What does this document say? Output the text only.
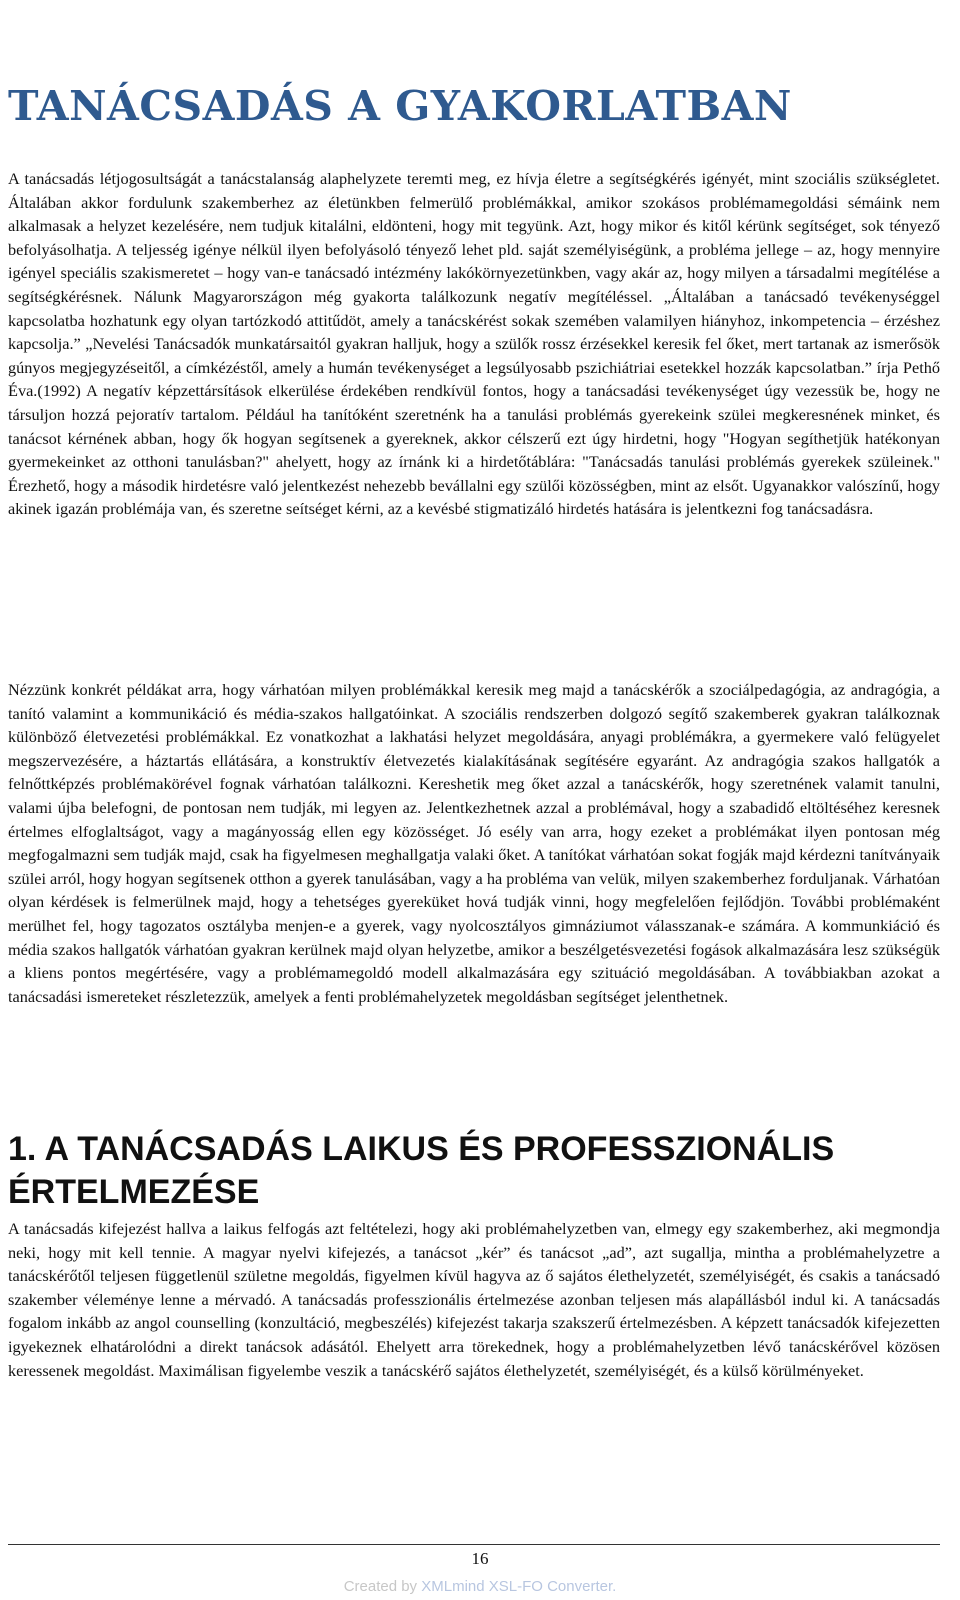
TANÁCSADÁS A GYAKORLATBAN

A tanácsadás létjogosultságát a tanácstalanság alaphelyzete teremti meg, ez hívja életre a segítségkérés igényét, mint szociális szükségletet. Általában akkor fordulunk szakemberhez az életünkben felmerülő problémákkal, amikor szokásos problémamegoldási sémáink nem alkalmasak a helyzet kezelésére, nem tudjuk kitalálni, eldönteni, hogy mit tegyünk. Azt, hogy mikor és kitől kérünk segítséget, sok tényező befolyásolhatja. A teljesség igénye nélkül ilyen befolyásoló tényező lehet pld. saját személyiségünk, a probléma jellege – az, hogy mennyire igényel speciális szakismeretet – hogy van-e tanácsadó intézmény lakókörnyezetünkben, vagy akár az, hogy milyen a társadalmi megítélése a segítségkérésnek. Nálunk Magyarországon még gyakorta találkozunk negatív megítéléssel. „Általában a tanácsadó tevékenységgel kapcsolatba hozhatunk egy olyan tartózkodó attitűdöt, amely a tanácskérést sokak szemében valamilyen hiányhoz, inkompetencia – érzéshez kapcsolja.” „Nevelési Tanácsadók munkatársaitól gyakran halljuk, hogy a szülők rossz érzésekkel keresik fel őket, mert tartanak az ismerősök gúnyos megjegyzéseitől, a címkézéstől, amely a humán tevékenységet a legsúlyosabb pszichiátriai esetekkel hozzák kapcsolatban.” írja Pethő Éva.(1992) A negatív képzettársítások elkerülése érdekében rendkívül fontos, hogy a tanácsadási tevékenységet úgy vezessük be, hogy ne társuljon hozzá pejoratív tartalom. Például ha tanítóként szeretnénk ha a tanulási problémás gyerekeink szülei megkeresnének minket, és tanácsot kérnének abban, hogy ők hogyan segítsenek a gyereknek, akkor célszerű ezt úgy hirdetni, hogy "Hogyan segíthetjük hatékonyan gyermekeinket az otthoni tanulásban?" ahelyett, hogy az írnánk ki a hirdetőtáblára: "Tanácsadás tanulási problémás gyerekek szüleinek." Érezhető, hogy a második hirdetésre való jelentkezést nehezebb bevállalni egy szülői közösségben, mint az elsőt. Ugyanakkor valószínű, hogy akinek igazán problémája van, és szeretne seítséget kérni, az a kevésbé stigmatizáló hirdetés hatására is jelentkezni fog tanácsadásra.

Nézzünk konkrét példákat arra, hogy várhatóan milyen problémákkal keresik meg majd a tanácskérők a szociálpedagógia, az andragógia, a tanító valamint a kommunikáció és média-szakos hallgatóinkat. A szociális rendszerben dolgozó segítő szakemberek gyakran találkoznak különböző életvezetési problémákkal. Ez vonatkozhat a lakhatási helyzet megoldására, anyagi problémákra, a gyermekere való felügyelet megszervezésére, a háztartás ellátására, a konstruktív életvezetés kialakításának segítésére egyaránt. Az andragógia szakos hallgatók a felnőttképzés problémakörével fognak várhatóan találkozni. Kereshetik meg őket azzal a tanácskérők, hogy szeretnének valamit tanulni, valami újba belefogni, de pontosan nem tudják, mi legyen az. Jelentkezhetnek azzal a problémával, hogy a szabadidő eltöltéséhez keresnek értelmes elfoglaltságot, vagy a magányosság ellen egy közösséget. Jó esély van arra, hogy ezeket a problémákat ilyen pontosan még megfogalmazni sem tudják majd, csak ha figyelmesen meghallgatja valaki őket. A tanítókat várhatóan sokat fogják majd kérdezni tanítványaik szülei arról, hogy hogyan segítsenek otthon a gyerek tanulásában, vagy a ha probléma van velük, milyen szakemberhez forduljanak. Várhatóan olyan kérdések is felmerülnek majd, hogy a tehetséges gyereküket hová tudják vinni, hogy megfelelően fejlődjön. További problémaként merülhet fel, hogy tagozatos osztályba menjen-e a gyerek, vagy nyolcosztályos gimnáziumot válasszanak-e számára. A kommunkiáció és média szakos hallgatók várhatóan gyakran kerülnek majd olyan helyzetbe, amikor a beszélgetésvezetési fogások alkalmazására lesz szükségük a kliens pontos megértésére, vagy a problémamegoldó modell alkalmazására egy szituáció megoldásában. A továbbiakban azokat a tanácsadási ismereteket részletezzük, amelyek a fenti problémahelyzetek megoldásban segítséget jelenthetnek.

1. A TANÁCSADÁS LAIKUS ÉS PROFESSZIONÁLIS ÉRTELMEZÉSE

A tanácsadás kifejezést hallva a laikus felfogás azt feltételezi, hogy aki problémahelyzetben van, elmegy egy szakemberhez, aki megmondja neki, hogy mit kell tennie. A magyar nyelvi kifejezés, a tanácsot „kér” és tanácsot „ad”, azt sugallja, mintha a problémahelyzetre a tanácskérőtől teljesen függetlenül születne megoldás, figyelmen kívül hagyva az ő sajátos élethelyzetét, személyiségét, és csakis a tanácsadó szakember véleménye lenne a mérvadó. A tanácsadás professzionális értelmezése azonban teljesen más alapállásból indul ki. A tanácsadás fogalom inkább az angol counselling (konzultáció, megbeszélés) kifejezést takarja szakszerű értelmezésben. A képzett tanácsadók kifejezetten igyekeznek elhatárolódni a direkt tanácsok adásától. Ehelyett arra törekednek, hogy a problémahelyzetben lévő tanácskérővel közösen keressenek megoldást. Maximálisan figyelembe veszik a tanácskérő sajátos élethelyzetét, személyiségét, és a külső körülményeket.

16
Created by XMLmind XSL-FO Converter.
